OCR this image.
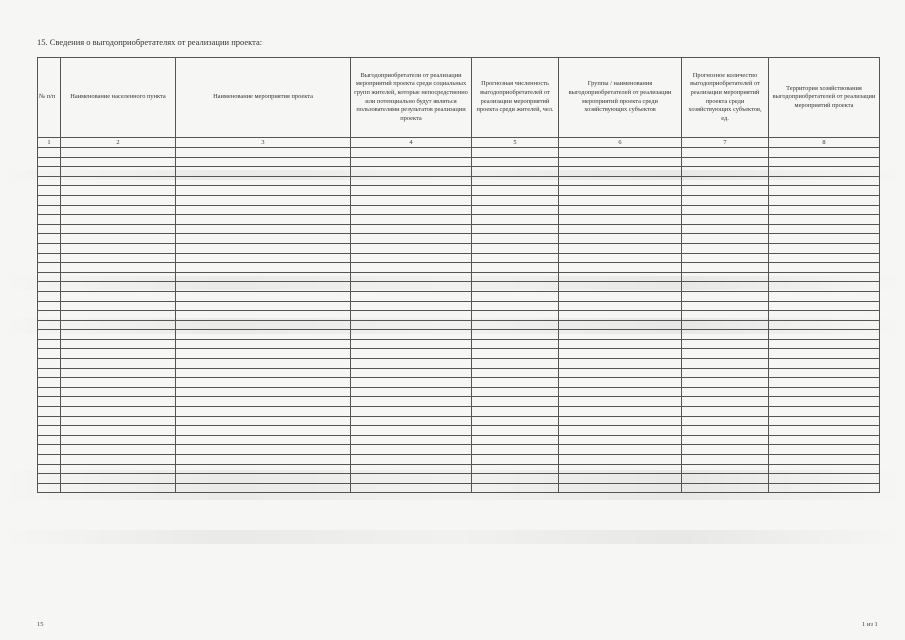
15. Сведения о выгодоприобретателях от реализации проекта:
№ п/п	Наименование населенного пункта	Наименование мероприятия проекта	Выгодоприобретатели от реализации мероприятий проекта среди социальных групп жителей, которые непосредственно или потенциально будут являться пользователями результатов реализации проекта	Прогнозная численность выгодоприобретателей от реализации мероприятий проекта среди жителей, чел.	Группы / наименования выгодоприобретателей от реализации мероприятий проекта среди хозяйствующих субъектов	Прогнозное количество выгодоприобретателей от реализации мероприятий проекта среди хозяйствующих субъектов, ед.	Территория хозяйствования выгодоприобретателей от реализации мероприятий проекта
1	2	3	4	5	6	7	8

15	1 из 1
